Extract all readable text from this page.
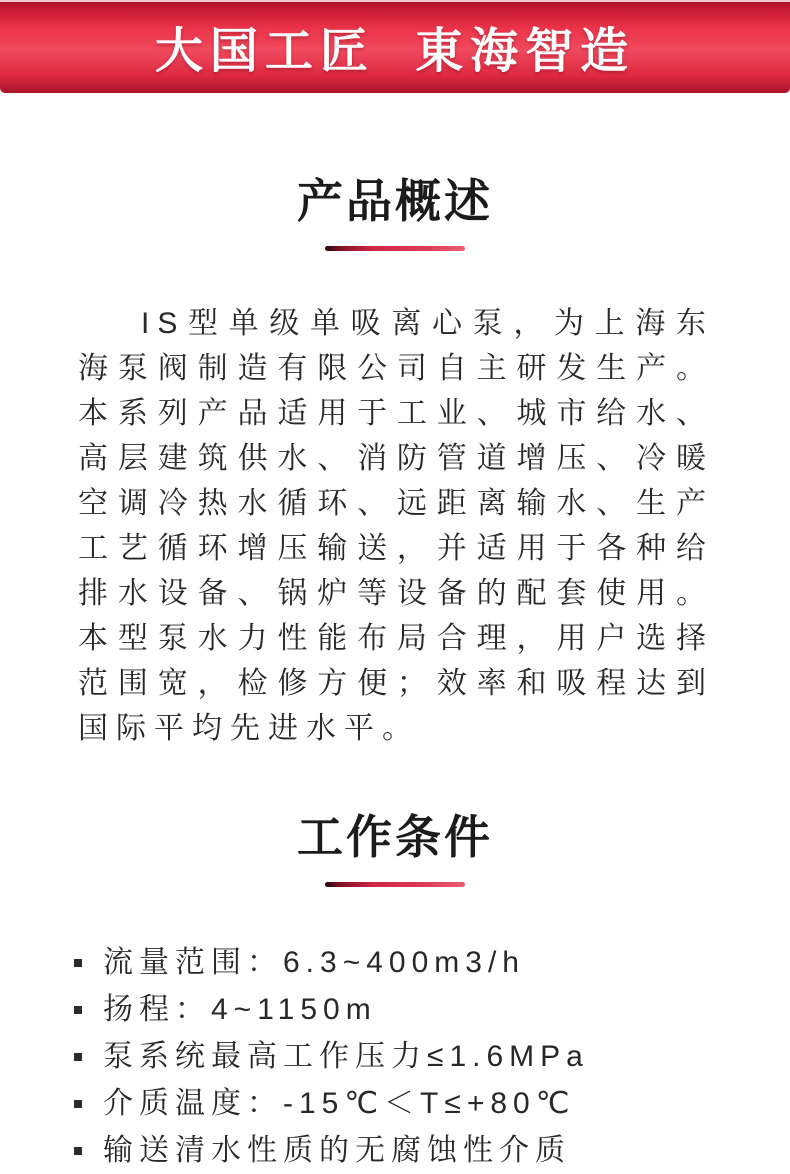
大国工匠 東海智造
产品概述

IS型单级单吸离心泵，为上海东海泵阀制造有限公司自主研发生产。本系列产品适用于工业、城市给水、高层建筑供水、消防管道增压、冷暖空调冷热水循环、远距离输水、生产工艺循环增压输送，并适用于各种给排水设备、锅炉等设备的配套使用。本型泵水力性能布局合理，用户选择范围宽，检修方便；效率和吸程达到国际平均先进水平。

工作条件
流量范围：6.3~400m3/h
扬程：4~1150m
泵系统最高工作压力≤1.6MPa
介质温度：-15℃＜T≤+80℃
输送清水性质的无腐蚀性介质
